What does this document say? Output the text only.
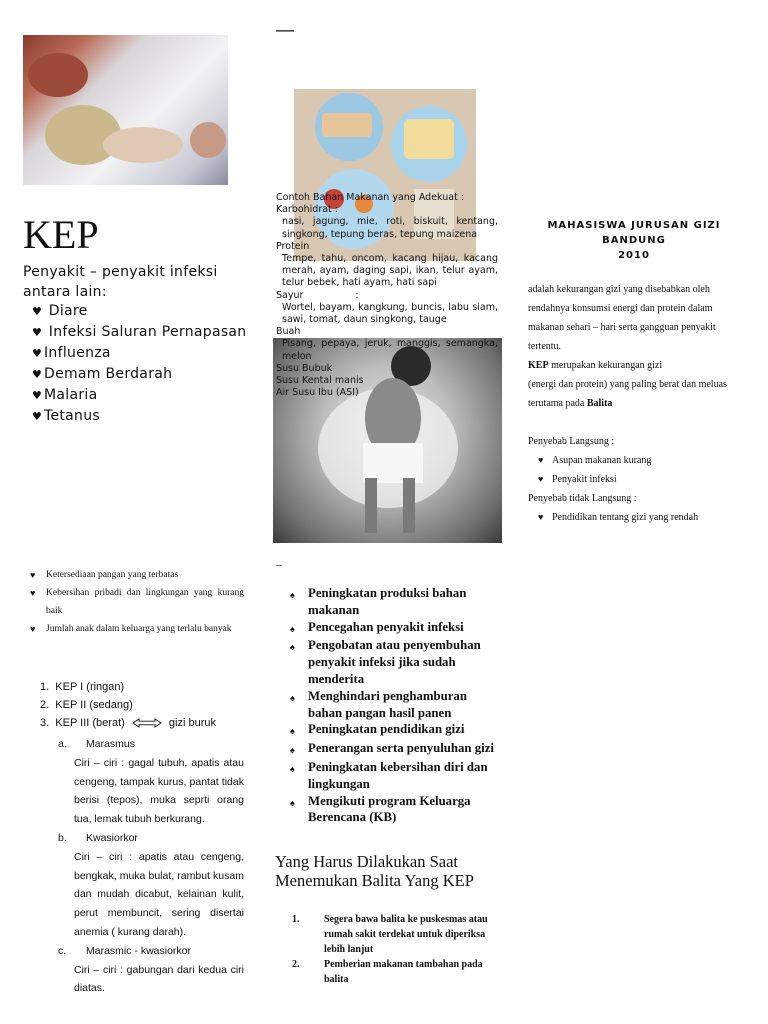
KEP
Penyakit – penyakit infeksi antara lain:
♥ Diare
♥ Infeksi Saluran Pernapasan
♥ Influenza
♥ Demam Berdarah
♥ Malaria
♥ Tetanus
—
Contoh Bahan Makanan yang Adekuat :
Karbohidrat :
nasi, jagung, mie, roti, biskuit, kentang, singkong, tepung beras, tepung maizena
Protein
Tempe, tahu, oncom, kacang hijau, kacang merah, ayam, daging sapi, ikan, telur ayam, telur bebek, hati ayam, hati sapi
Sayur	:
Wortel, bayam, kangkung, buncis, labu siam, sawi, tomat, daun singkong, tauge
Buah
Pisang, pepaya, jeruk, manggis, semangka, melon
Susu Bubuk
Susu Kental manis
Air Susu Ibu (ASI)
MAHASISWA JURUSAN GIZI
BANDUNG
2010

adalah kekurangan gizi yang disebabkan oleh rendahnya konsumsi energi dan protein dalam makanan sehari – hari serta gangguan penyakit tertentu.

KEP merupakan kekurangan gizi

(energi dan protein) yang paling berat dan meluas terutama pada Balita

Penyebab Langsung :

♥ Asupan makanan kurang

♥ Penyakit infeksi

Penyebab tidak Langsung :

♥ Pendidikan tentang gizi yang rendah

♥	Ketersediaan pangan yang terbatas
♥	Kebersihan pribadi dan lingkungan yang kurang baik
♥	Jumlah anak dalam keluarga yang terlalu banyak
1.  KEP I (ringan)
2.  KEP II (sedang)
3.  KEP III (berat)	gizi buruk
a.	Marasmus
Ciri – ciri : gagal tubuh, apatis atau cengeng, tampak kurus, pantat tidak berisi (tepos), muka seprti orang tua, lemak tubuh berkurang.
b.	Kwasiorkor
Ciri – ciri : apatis atau cengeng, bengkak, muka bulat, rambut kusam dan mudah dicabut, kelainan kulit, perut membuncit, sering disertai anemia ( kurang darah).
c.	Marasmic - kwasiorkor
Ciri – ciri : gabungan dari kedua ciri diatas.
–
♠	Peningkatan produksi bahan makanan
♠	Pencegahan penyakit infeksi
♠	Pengobatan atau penyembuhan penyakit infeksi jika sudah menderita
♠	Menghindari penghamburan bahan pangan hasil panen
♠	Peningkatan pendidikan gizi
♠	Penerangan serta penyuluhan gizi
♠	Peningkatan kebersihan diri dan lingkungan
♠	Mengikuti program Keluarga Berencana (KB)
Yang Harus Dilakukan Saat Menemukan Balita Yang KEP
1.	Segera bawa balita ke puskesmas atau rumah sakit terdekat untuk diperiksa lebih lanjut
2.	Pemberian makanan tambahan pada balita
